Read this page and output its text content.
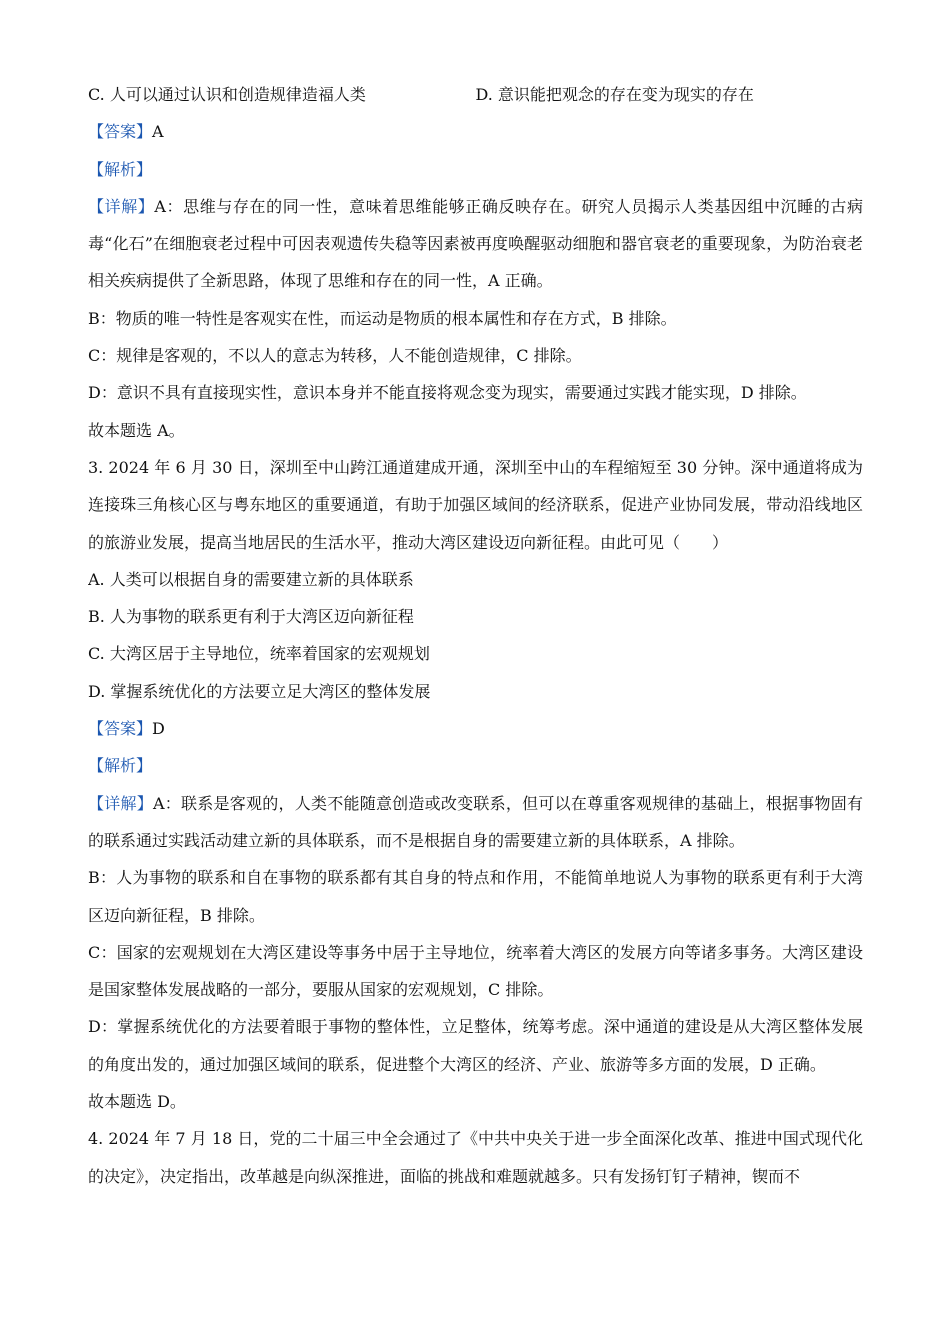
C. 人可以通过认识和创造规律造福人类	D. 意识能把观念的存在变为现实的存在
【答案】A
【解析】
【详解】A：思维与存在的同一性，意味着思维能够正确反映存在。研究人员揭示人类基因组中沉睡的古病毒“化石”在细胞衰老过程中可因表观遗传失稳等因素被再度唤醒驱动细胞和器官衰老的重要现象，为防治衰老相关疾病提供了全新思路，体现了思维和存在的同一性，A 正确。
B：物质的唯一特性是客观实在性，而运动是物质的根本属性和存在方式，B 排除。
C：规律是客观的，不以人的意志为转移，人不能创造规律，C 排除。
D：意识不具有直接现实性，意识本身并不能直接将观念变为现实，需要通过实践才能实现，D 排除。
故本题选 A。
3. 2024 年 6 月 30 日，深圳至中山跨江通道建成开通，深圳至中山的车程缩短至 30 分钟。深中通道将成为连接珠三角核心区与粤东地区的重要通道，有助于加强区域间的经济联系，促进产业协同发展，带动沿线地区的旅游业发展，提高当地居民的生活水平，推动大湾区建设迈向新征程。由此可见（　　）
A. 人类可以根据自身的需要建立新的具体联系
B. 人为事物的联系更有利于大湾区迈向新征程
C. 大湾区居于主导地位，统率着国家的宏观规划
D. 掌握系统优化的方法要立足大湾区的整体发展
【答案】D
【解析】
【详解】A：联系是客观的，人类不能随意创造或改变联系，但可以在尊重客观规律的基础上，根据事物固有的联系通过实践活动建立新的具体联系，而不是根据自身的需要建立新的具体联系，A 排除。
B：人为事物的联系和自在事物的联系都有其自身的特点和作用，不能简单地说人为事物的联系更有利于大湾区迈向新征程，B 排除。
C：国家的宏观规划在大湾区建设等事务中居于主导地位，统率着大湾区的发展方向等诸多事务。大湾区建设是国家整体发展战略的一部分，要服从国家的宏观规划，C 排除。
D：掌握系统优化的方法要着眼于事物的整体性，立足整体，统筹考虑。深中通道的建设是从大湾区整体发展的角度出发的，通过加强区域间的联系，促进整个大湾区的经济、产业、旅游等多方面的发展，D 正确。
故本题选 D。
4. 2024 年 7 月 18 日，党的二十届三中全会通过了《中共中央关于进一步全面深化改革、推进中国式现代化的决定》，决定指出，改革越是向纵深推进，面临的挑战和难题就越多。只有发扬钉钉子精神，锲而不
